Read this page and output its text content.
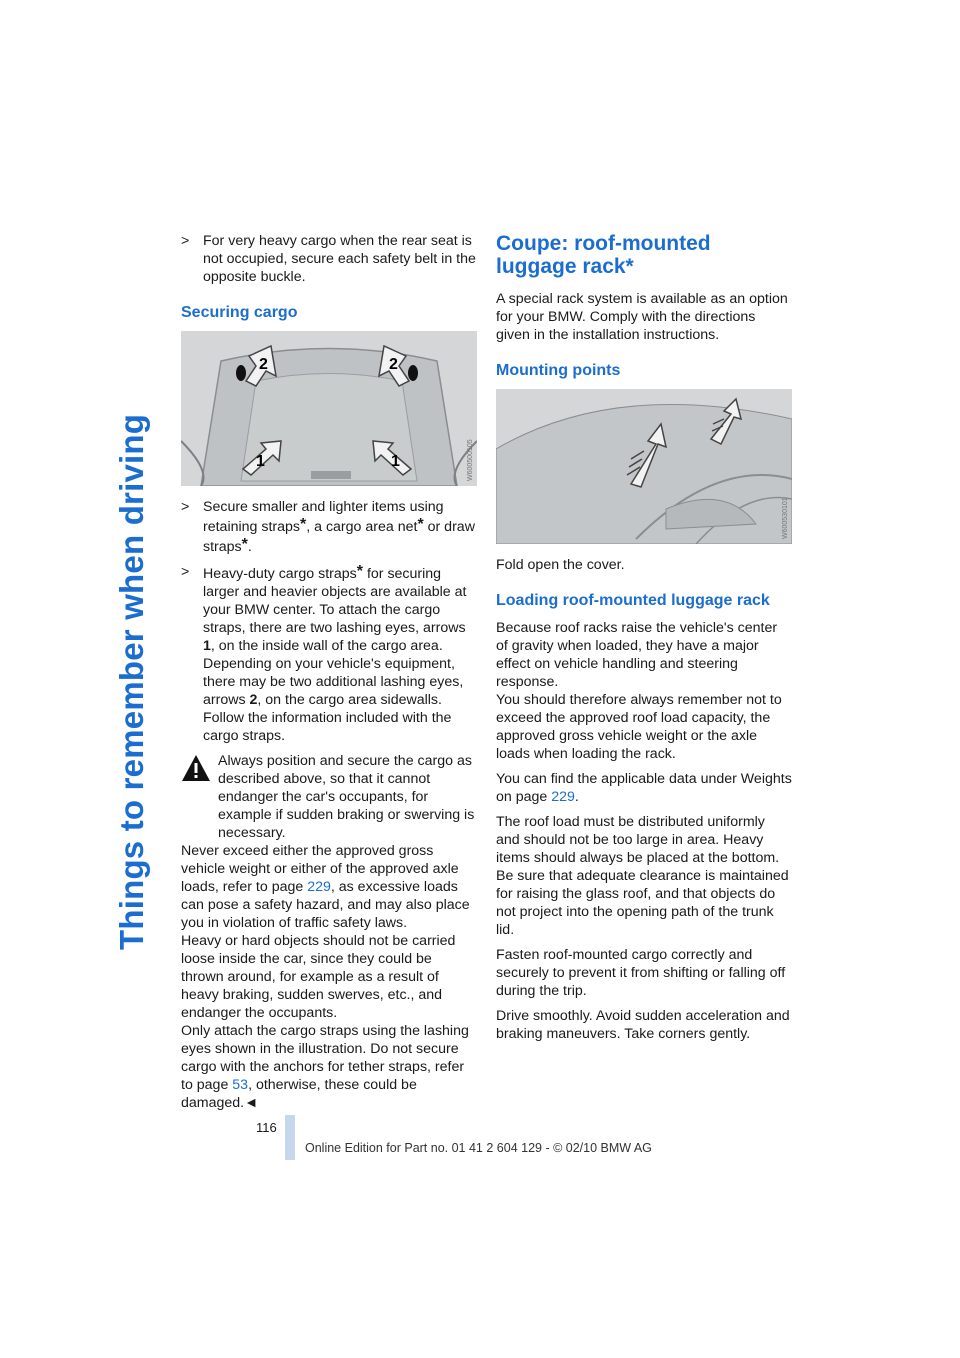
Things to remember when driving
> For very heavy cargo when the rear seat is not occupied, secure each safety belt in the opposite buckle.
Securing cargo
2	2
1	1	W600500105
> Secure smaller and lighter items using retaining straps*, a cargo area net* or draw straps*.
> Heavy-duty cargo straps* for securing larger and heavier objects are available at your BMW center. To attach the cargo straps, there are two lashing eyes, arrows 1, on the inside wall of the cargo area. Depending on your vehicle's equipment, there may be two additional lashing eyes, arrows 2, on the cargo area sidewalls. Follow the information included with the cargo straps.

Always position and secure the cargo as described above, so that it cannot endanger the car's occupants, for example if sudden braking or swerving is necessary.

Never exceed either the approved gross vehicle weight or either of the approved axle loads, refer to page 229, as excessive loads can pose a safety hazard, and may also place you in violation of traffic safety laws.

Heavy or hard objects should not be carried loose inside the car, since they could be thrown around, for example as a result of heavy braking, sudden swerves, etc., and endanger the occupants.

Only attach the cargo straps using the lashing eyes shown in the illustration. Do not secure cargo with the anchors for tether straps, refer to page 53, otherwise, these could be damaged.◄

Coupe: roof-mounted luggage rack*

A special rack system is available as an option for your BMW. Comply with the directions given in the installation instructions.

Mounting points
W600530101

Fold open the cover.

Loading roof-mounted luggage rack

Because roof racks raise the vehicle's center of gravity when loaded, they have a major effect on vehicle handling and steering response.

You should therefore always remember not to exceed the approved roof load capacity, the approved gross vehicle weight or the axle loads when loading the rack.

You can find the applicable data under Weights on page 229.

The roof load must be distributed uniformly and should not be too large in area. Heavy items should always be placed at the bottom. Be sure that adequate clearance is maintained for raising the glass roof, and that objects do not project into the opening path of the trunk lid.

Fasten roof-mounted cargo correctly and securely to prevent it from shifting or falling off during the trip.

Drive smoothly. Avoid sudden acceleration and braking maneuvers. Take corners gently.

116
Online Edition for Part no. 01 41 2 604 129 - © 02/10 BMW AG
